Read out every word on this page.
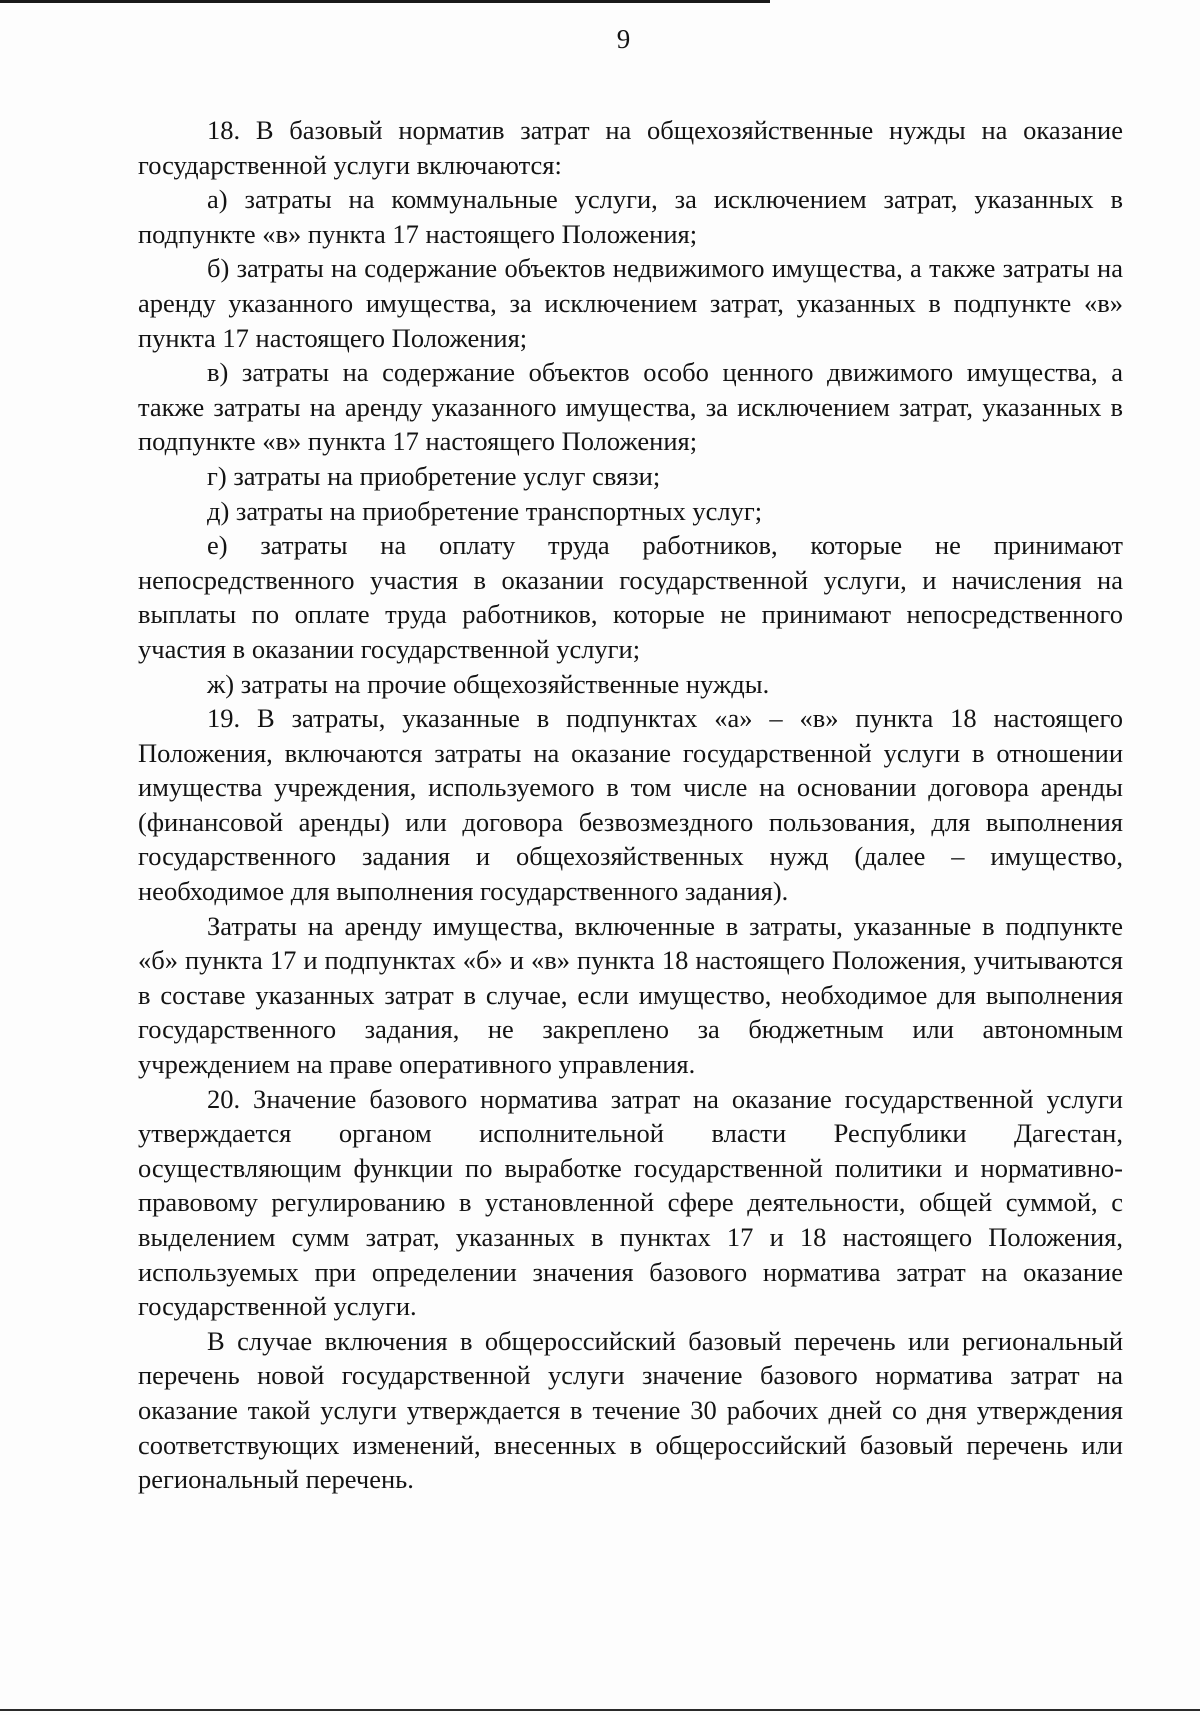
9

18. В базовый норматив затрат на общехозяйственные нужды на оказание государственной услуги включаются:

а) затраты на коммунальные услуги, за исключением затрат, указанных в подпункте «в» пункта 17 настоящего Положения;

б) затраты на содержание объектов недвижимого имущества, а также затраты на аренду указанного имущества, за исключением затрат, указанных в подпункте «в» пункта 17 настоящего Положения;

в) затраты на содержание объектов особо ценного движимого имущества, а также затраты на аренду указанного имущества, за исключением затрат, указанных в подпункте «в» пункта 17 настоящего Положения;

г) затраты на приобретение услуг связи;

д) затраты на приобретение транспортных услуг;

е) затраты на оплату труда работников, которые не принимают непосредственного участия в оказании государственной услуги, и начисления на выплаты по оплате труда работников, которые не принимают непосредственного участия в оказании государственной услуги;

ж) затраты на прочие общехозяйственные нужды.

19. В затраты, указанные в подпунктах «а» – «в» пункта 18 настоящего Положения, включаются затраты на оказание государственной услуги в отношении имущества учреждения, используемого в том числе на основании договора аренды (финансовой аренды) или договора безвозмездного пользования, для выполнения государственного задания и общехозяйственных нужд (далее – имущество, необходимое для выполнения государственного задания).

Затраты на аренду имущества, включенные в затраты, указанные в подпункте «б» пункта 17 и подпунктах «б» и «в» пункта 18 настоящего Положения, учитываются в составе указанных затрат в случае, если имущество, необходимое для выполнения государственного задания, не закреплено за бюджетным или автономным учреждением на праве оперативного управления.

20. Значение базового норматива затрат на оказание государственной услуги утверждается органом исполнительной власти Республики Дагестан, осуществляющим функции по выработке государственной политики и нормативно-правовому регулированию в установленной сфере деятельности, общей суммой, с выделением сумм затрат, указанных в пунктах 17 и 18 настоящего Положения, используемых при определении значения базового норматива затрат на оказание государственной услуги.

В случае включения в общероссийский базовый перечень или региональный перечень новой государственной услуги значение базового норматива затрат на оказание такой услуги утверждается в течение 30 рабочих дней со дня утверждения соответствующих изменений, внесенных в общероссийский базовый перечень или региональный перечень.
